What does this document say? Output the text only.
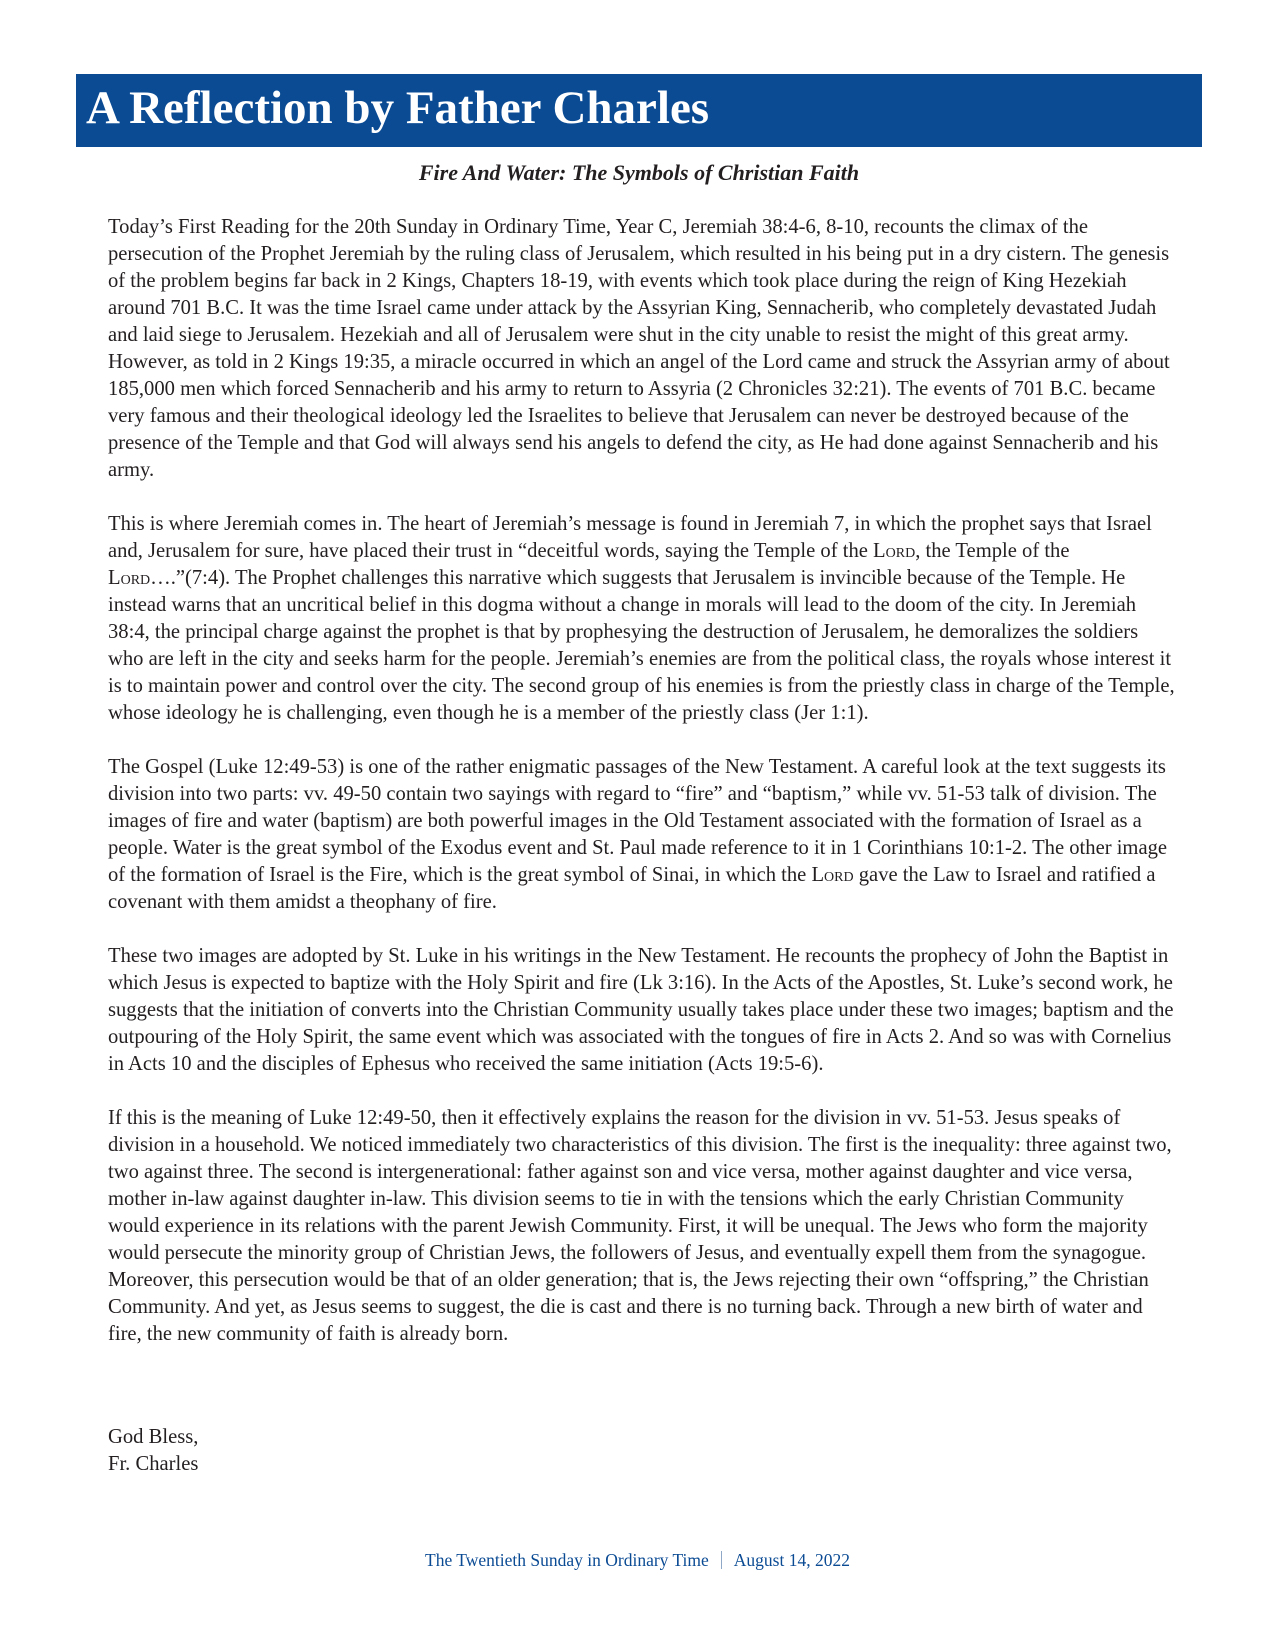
A Reflection by Father Charles
Fire And Water: The Symbols of Christian Faith

Today’s First Reading for the 20th Sunday in Ordinary Time, Year C, Jeremiah 38:4-6, 8-10, recounts the climax of the persecution of the Prophet Jeremiah by the ruling class of Jerusalem, which resulted in his being put in a dry cistern. The genesis of the problem begins far back in 2 Kings, Chapters 18-19, with events which took place during the reign of King Hezekiah around 701 B.C. It was the time Israel came under attack by the Assyrian King, Sennacherib, who completely devastated Judah and laid siege to Jerusalem. Hezekiah and all of Jerusalem were shut in the city unable to resist the might of this great army. However, as told in 2 Kings 19:35, a miracle occurred in which an angel of the Lord came and struck the Assyrian army of about 185,000 men which forced Sennacherib and his army to return to Assyria (2 Chronicles 32:21). The events of 701 B.C. became very famous and their theological ideology led the Israelites to believe that Jerusalem can never be destroyed because of the presence of the Temple and that God will always send his angels to defend the city, as He had done against Sennacherib and his army.

This is where Jeremiah comes in. The heart of Jeremiah’s message is found in Jeremiah 7, in which the prophet says that Israel and, Jerusalem for sure, have placed their trust in “deceitful words, saying the Temple of the Lord, the Temple of the Lord….”(7:4). The Prophet challenges this narrative which suggests that Jerusalem is invincible because of the Temple. He instead warns that an uncritical belief in this dogma without a change in morals will lead to the doom of the city. In Jeremiah 38:4, the principal charge against the prophet is that by prophesying the destruction of Jerusalem, he demoralizes the soldiers who are left in the city and seeks harm for the people. Jeremiah’s enemies are from the political class, the royals whose interest it is to maintain power and control over the city. The second group of his enemies is from the priestly class in charge of the Temple, whose ideology he is challenging, even though he is a member of the priestly class (Jer 1:1).

The Gospel (Luke 12:49-53) is one of the rather enigmatic passages of the New Testament. A careful look at the text suggests its division into two parts: vv. 49-50 contain two sayings with regard to “fire” and “baptism,” while vv. 51-53 talk of division. The images of fire and water (baptism) are both powerful images in the Old Testament associated with the formation of Israel as a people. Water is the great symbol of the Exodus event and St. Paul made reference to it in 1 Corinthians 10:1-2. The other image of the formation of Israel is the Fire, which is the great symbol of Sinai, in which the Lord gave the Law to Israel and ratified a covenant with them amidst a theophany of fire.

These two images are adopted by St. Luke in his writings in the New Testament. He recounts the prophecy of John the Baptist in which Jesus is expected to baptize with the Holy Spirit and fire (Lk 3:16). In the Acts of the Apostles, St. Luke’s second work, he suggests that the initiation of converts into the Christian Community usually takes place under these two images; baptism and the outpouring of the Holy Spirit, the same event which was associated with the tongues of fire in Acts 2. And so was with Cornelius in Acts 10 and the disciples of Ephesus who received the same initiation (Acts 19:5-6).

If this is the meaning of Luke 12:49-50, then it effectively explains the reason for the division in vv. 51-53. Jesus speaks of division in a household. We noticed immediately two characteristics of this division. The first is the inequality: three against two, two against three. The second is intergenerational: father against son and vice versa, mother against daughter and vice versa, mother in-law against daughter in-law. This division seems to tie in with the tensions which the early Christian Community would experience in its relations with the parent Jewish Community. First, it will be unequal. The Jews who form the majority would persecute the minority group of Christian Jews, the followers of Jesus, and eventually expell them from the synagogue. Moreover, this persecution would be that of an older generation; that is, the Jews rejecting their own “offspring,” the Christian Community. And yet, as Jesus seems to suggest, the die is cast and there is no turning back. Through a new birth of water and fire, the new community of faith is already born.

God Bless,
Fr. Charles
The Twentieth Sunday in Ordinary Time August 14, 2022
